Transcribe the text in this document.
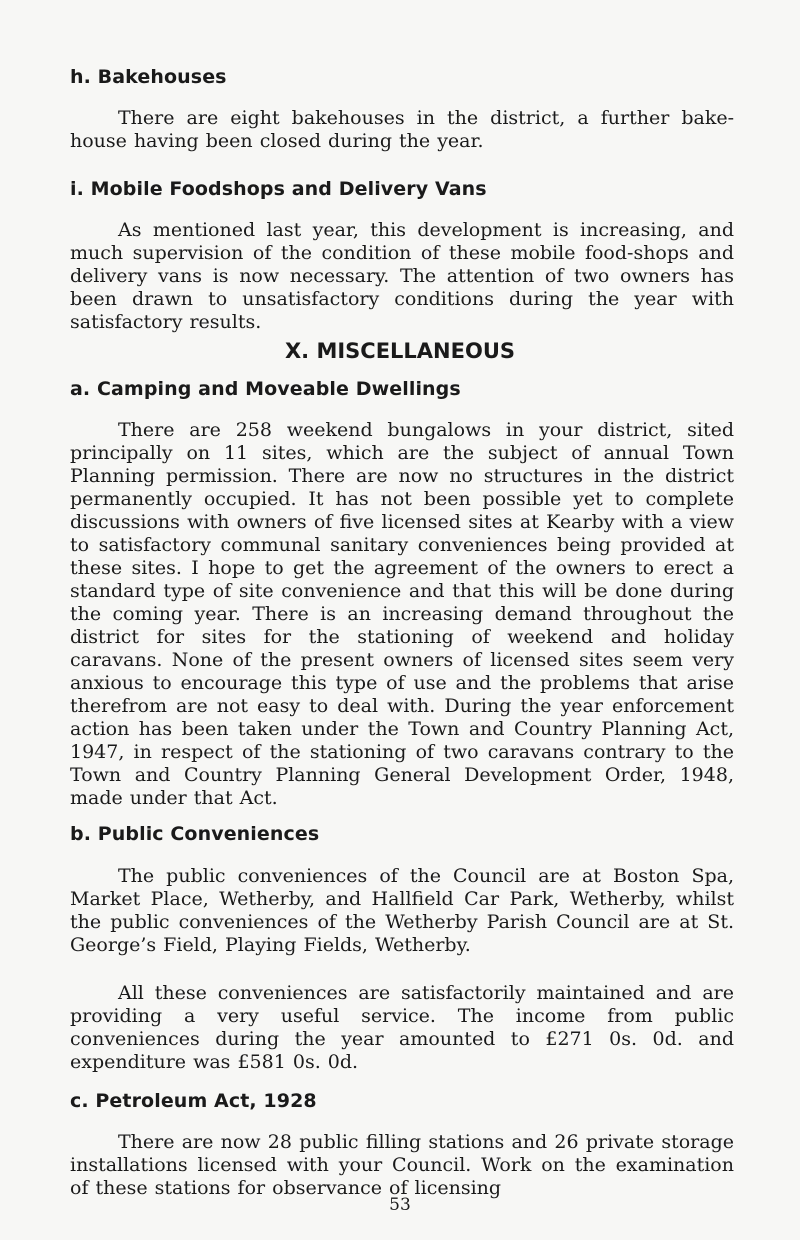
h. Bakehouses
There are eight bakehouses in the district, a further bake-house having been closed during the year.
i. Mobile Foodshops and Delivery Vans
As mentioned last year, this development is increasing, and much supervision of the condition of these mobile food-shops and delivery vans is now necessary. The attention of two owners has been drawn to unsatisfactory conditions during the year with satisfactory results.
X. MISCELLANEOUS
a. Camping and Moveable Dwellings
There are 258 weekend bungalows in your district, sited principally on 11 sites, which are the subject of annual Town Planning permission. There are now no structures in the district permanently occupied. It has not been possible yet to complete discussions with owners of five licensed sites at Kearby with a view to satisfactory communal sanitary conveniences being provided at these sites. I hope to get the agreement of the owners to erect a standard type of site convenience and that this will be done during the coming year. There is an increasing demand throughout the district for sites for the stationing of weekend and holiday caravans. None of the present owners of licensed sites seem very anxious to encourage this type of use and the problems that arise therefrom are not easy to deal with. During the year enforcement action has been taken under the Town and Country Planning Act, 1947, in respect of the stationing of two caravans contrary to the Town and Country Planning General Development Order, 1948, made under that Act.
b. Public Conveniences
The public conveniences of the Council are at Boston Spa, Market Place, Wetherby, and Hallfield Car Park, Wetherby, whilst the public conveniences of the Wetherby Parish Council are at St. George’s Field, Playing Fields, Wetherby.
All these conveniences are satisfactorily maintained and are providing a very useful service. The income from public conveniences during the year amounted to £271 0s. 0d. and expenditure was £581 0s. 0d.
c. Petroleum Act, 1928
There are now 28 public filling stations and 26 private storage installations licensed with your Council. Work on the examination of these stations for observance of licensing
53
